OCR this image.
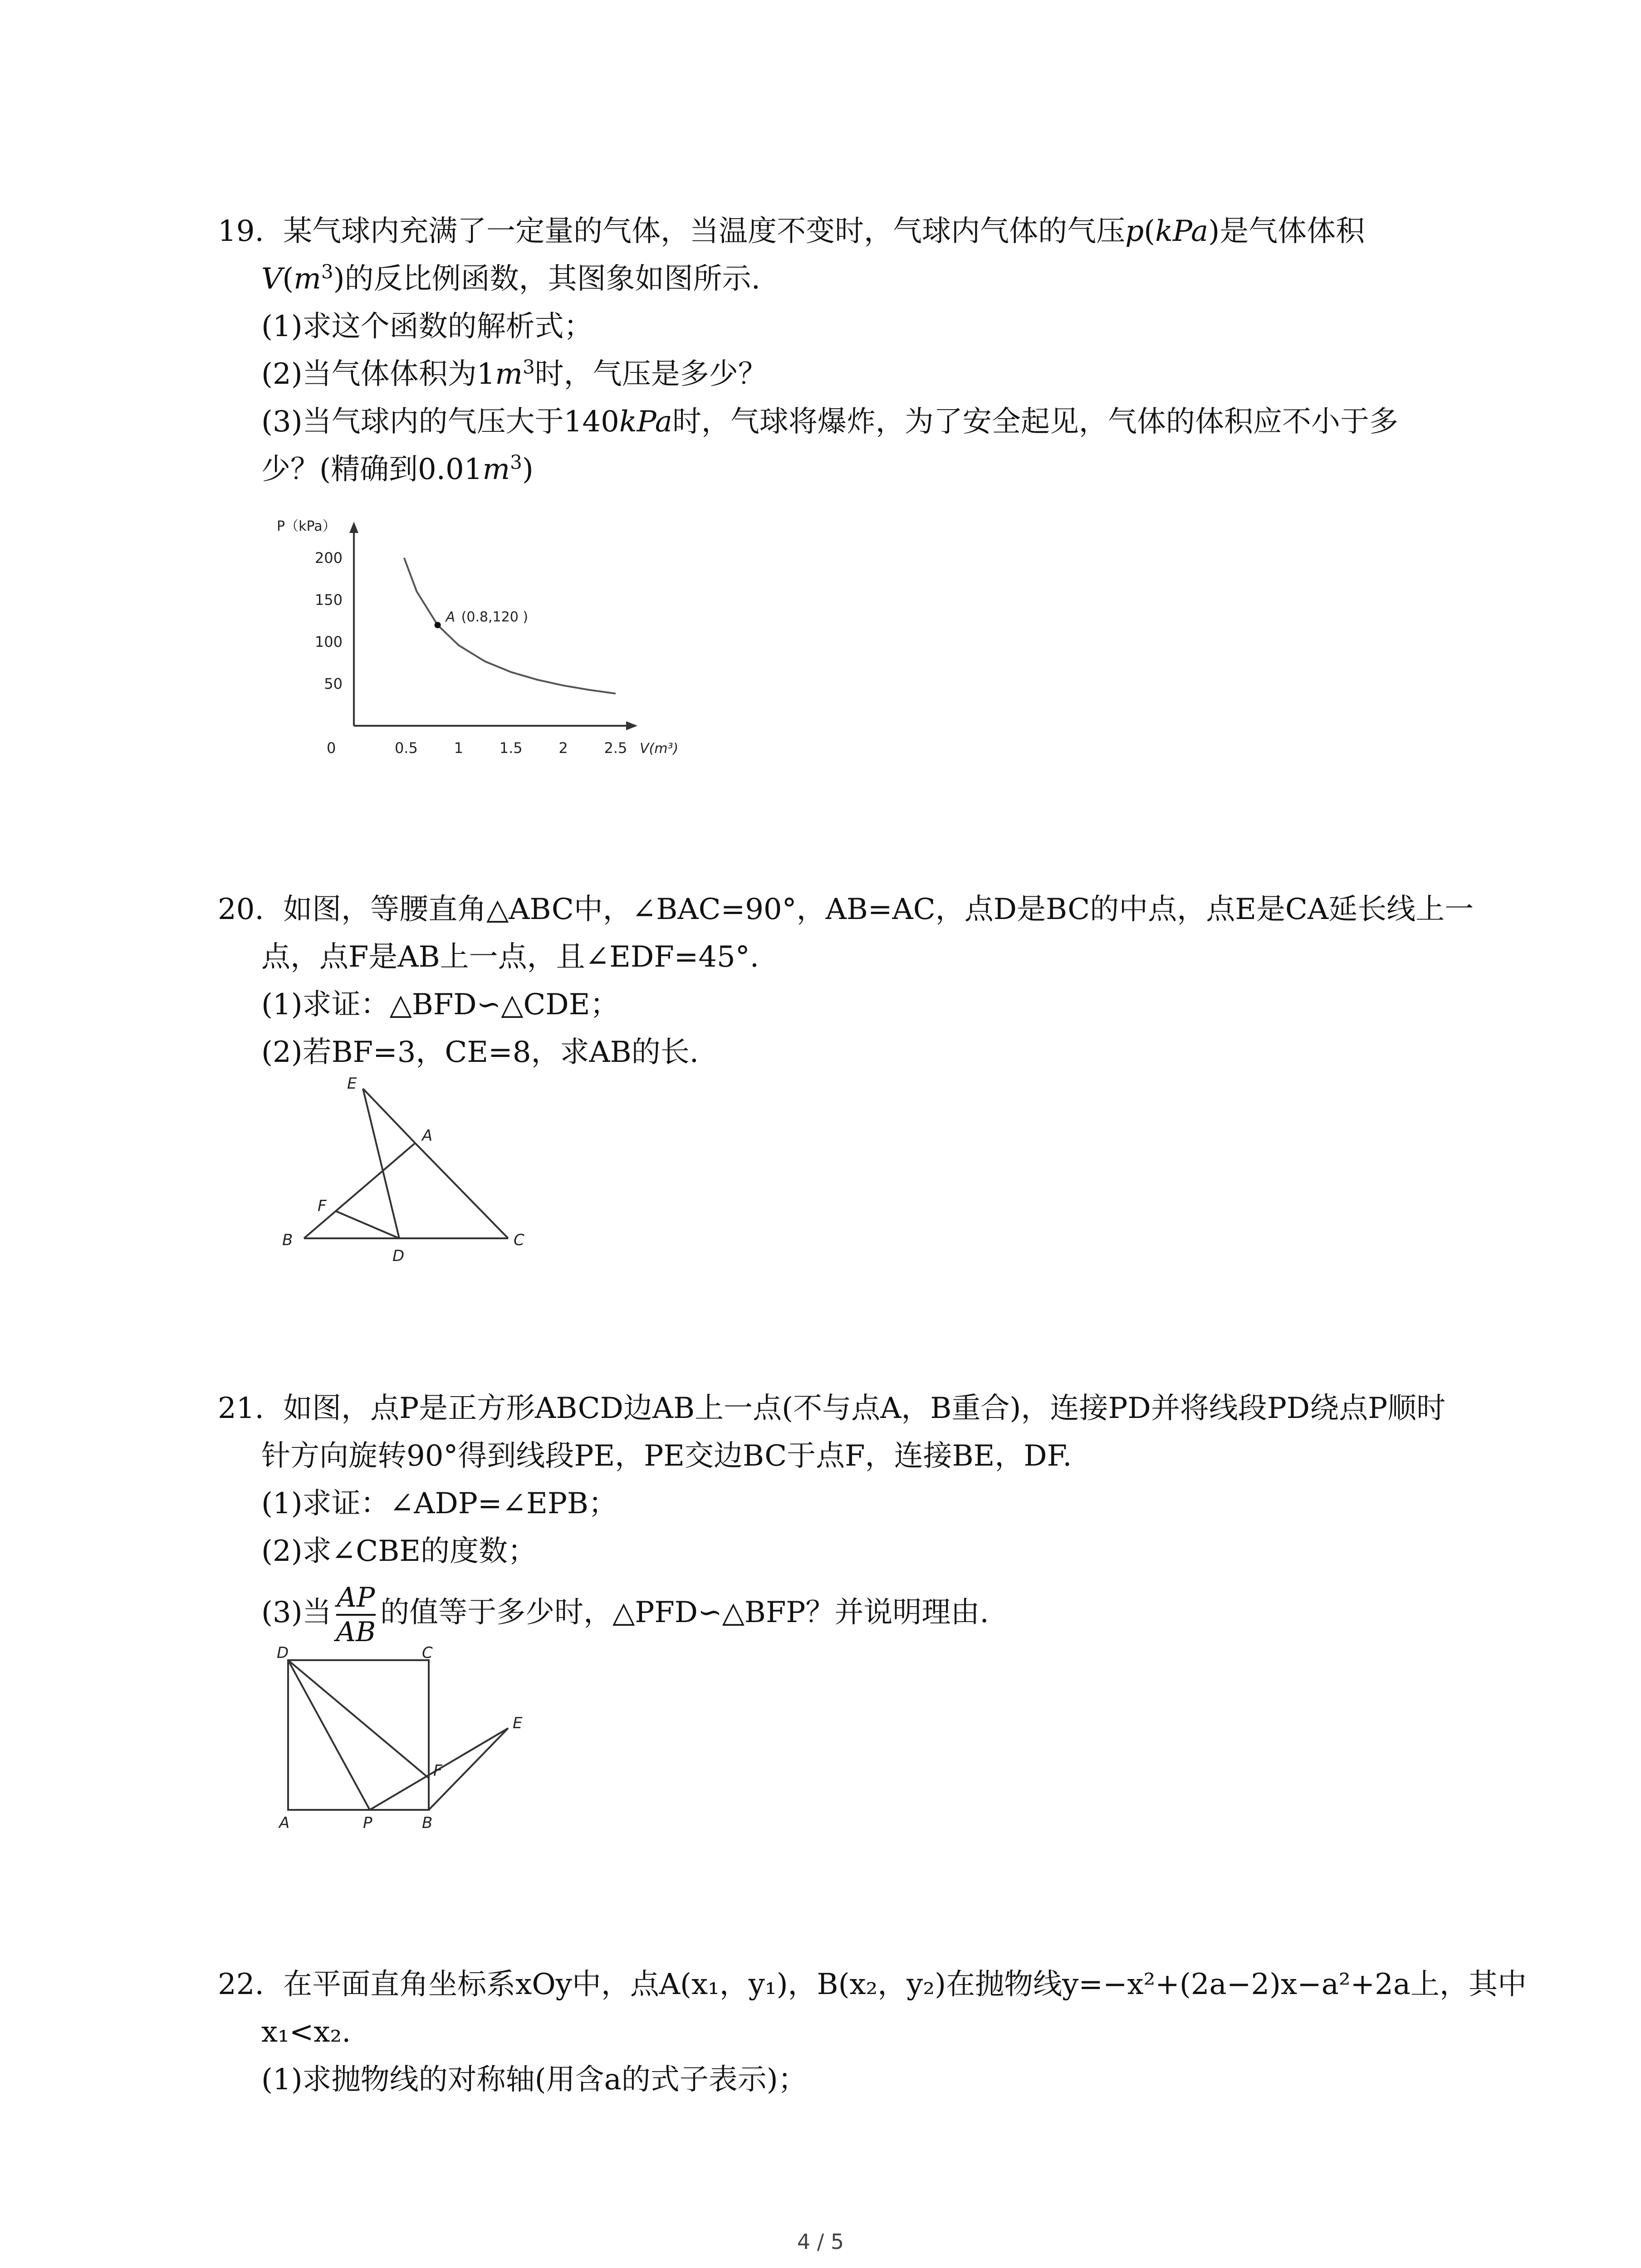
19. 某气球内充满了一定量的气体，当温度不变时，气球内气体的气压p(kPa)是气体体积
$V(m^3)$的反比例函数，其图象如图所示.
(1)求这个函数的解析式；
(2)当气体体积为$1m^3$时，气压是多少？
(3)当气球内的气压大于140kPa时，气球将爆炸，为了安全起见，气体的体积应不小于多
少？(精确到$0.01m^3$)
P（kPa）
V(m³)
0	0.5 1 1.5 2 2.5
200
150
100
50
A (0.8,120 )
20. 如图，等腰直角△ABC中，∠BAC=90°，AB=AC，点D是BC的中点，点E是CA延长线上一
点，点F是AB上一点，且∠EDF=45°.
(1)求证：△BFD∽△CDE；
(2)若BF=3，CE=8，求AB的长.
E
A
F
B
D
C
21. 如图，点P是正方形ABCD边AB上一点(不与点A，B重合)，连接PD并将线段PD绕点P顺时
针方向旋转90°得到线段PE，PE交边BC于点F，连接BE，DF.
(1)求证：∠ADP=∠EPB；
(2)求∠CBE的度数；
(3)当 $\frac{AP}{AB}$ 的值等于多少时，△PFD∽△BFP？并说明理由.
D	C
E
F
A	P	B
22. 在平面直角坐标系xOy中，点A(x₁，y₁)，B(x₂，y₂)在抛物线y=−x²+(2a−2)x−a²+2a上，其中
x₁<x₂.
(1)求抛物线的对称轴(用含a的式子表示)；
4 / 5
